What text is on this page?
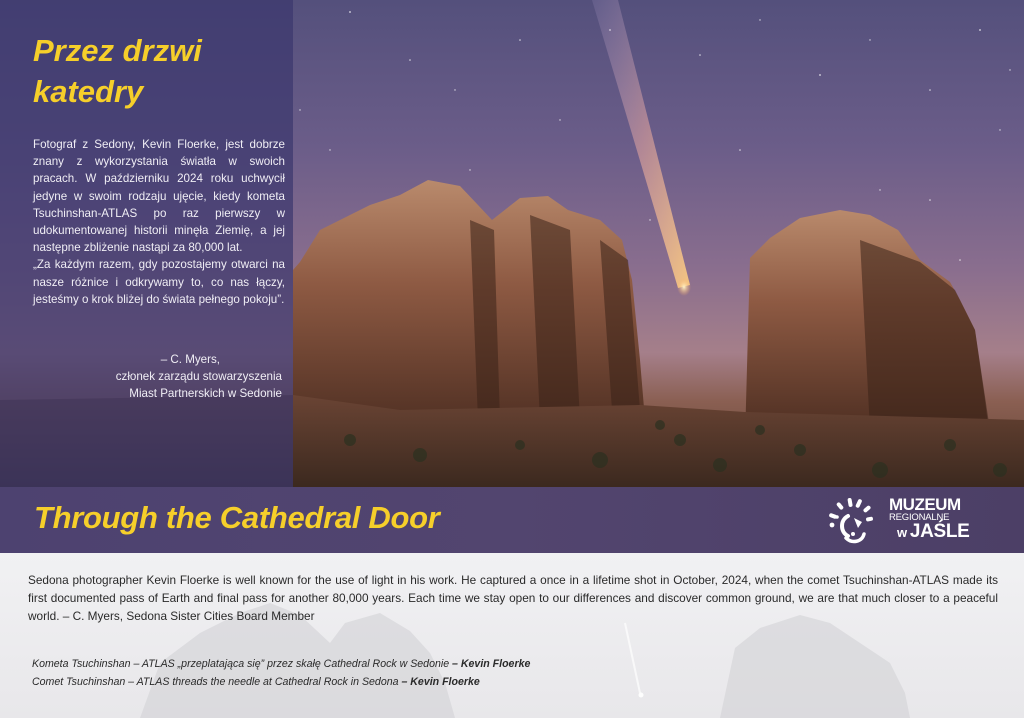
Przez drzwi
katedry

Fotograf z Sedony, Kevin Floerke, jest dobrze znany z wykorzystania światła w swoich pracach. W październiku 2024 roku uchwycił jedyne w swoim rodzaju ujęcie, kiedy kometa Tsuchinshan-ATLAS po raz pierwszy w udokumentowanej historii minęła Ziemię, a jej następne zbliżenie nastąpi za 80,000 lat.

„Za każdym razem, gdy pozostajemy otwarci na nasze różnice i odkrywamy to, co nas łączy, jesteśmy o krok bliżej do świata pełnego pokoju”.

– C. Myers,
członek zarządu stowarzyszenia
Miast Partnerskich w Sedonie
Through the Cathedral Door	MUZEUM
REGIONALNE
w JAŚLE

Sedona photographer Kevin Floerke is well known for the use of light in his work. He captured a once in a lifetime shot in October, 2024, when the comet Tsuchinshan-ATLAS made its first documented pass of Earth and final pass for another 80,000 years. Each time we stay open to our differences and discover common ground, we are that much closer to a peaceful world. – C. Myers, Sedona Sister Cities Board Member

Kometa Tsuchinshan – ATLAS „przeplatająca się” przez skałę Cathedral Rock w Sedonie – Kevin Floerke
Comet Tsuchinshan – ATLAS threads the needle at Cathedral Rock in Sedona – Kevin Floerke
